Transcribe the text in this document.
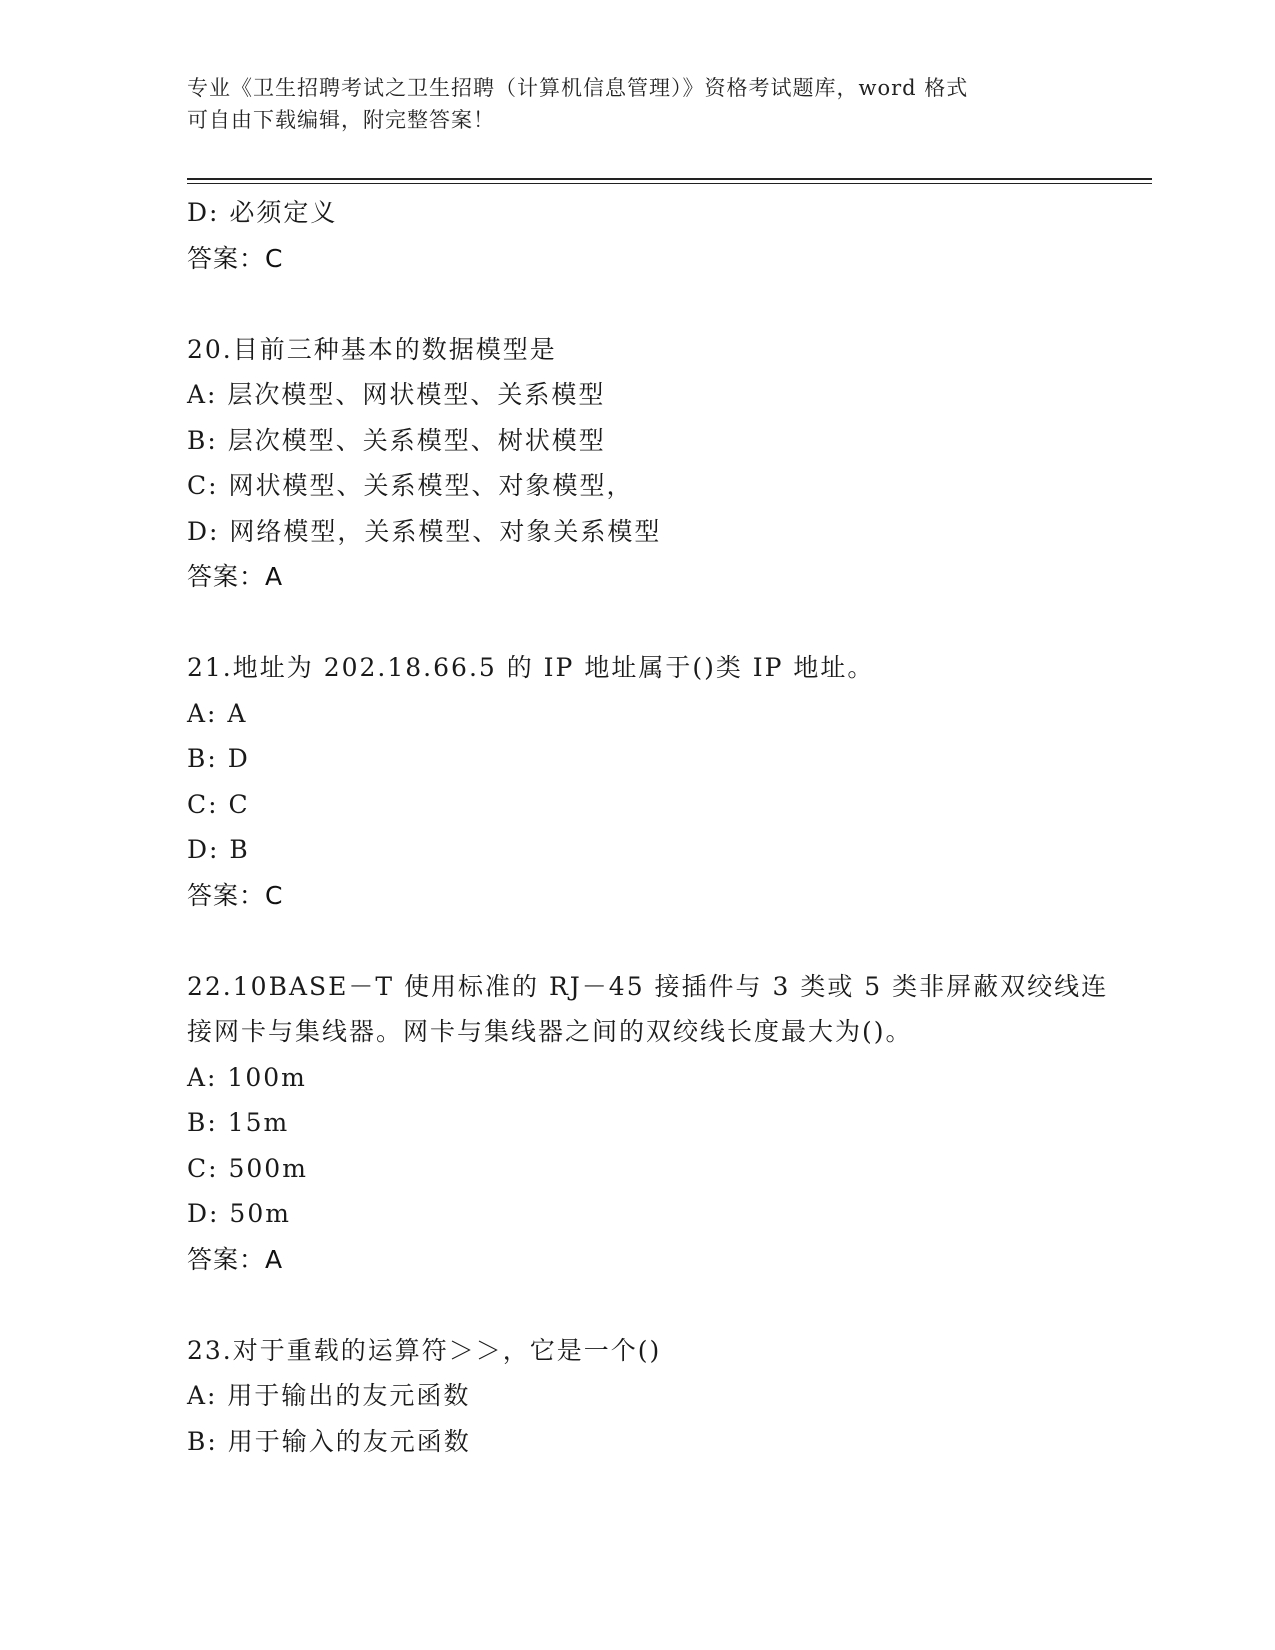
专业《卫生招聘考试之卫生招聘（计算机信息管理）》资格考试题库，word 格式
可自由下载编辑，附完整答案！
D: 必须定义
答案：C
20.目前三种基本的数据模型是
A: 层次模型、网状模型、关系模型
B: 层次模型、关系模型、树状模型
C: 网状模型、关系模型、对象模型，
D: 网络模型，关系模型、对象关系模型
答案：A
21.地址为 202.18.66.5 的 IP 地址属于()类 IP 地址。
A: A
B: D
C: C
D: B
答案：C
22.10BASE－T 使用标准的 RJ－45 接插件与 3 类或 5 类非屏蔽双绞线连
接网卡与集线器。网卡与集线器之间的双绞线长度最大为()。
A: 100m
B: 15m
C: 500m
D: 50m
答案：A
23.对于重载的运算符＞＞，它是一个()
A: 用于输出的友元函数
B: 用于输入的友元函数
